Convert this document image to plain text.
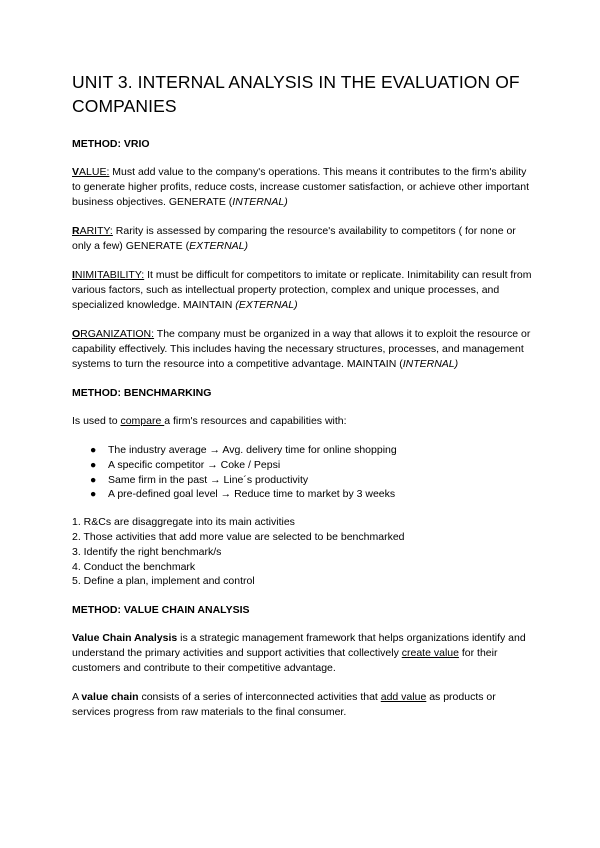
UNIT 3. INTERNAL ANALYSIS IN THE EVALUATION OF COMPANIES
METHOD: VRIO

VALUE: Must add value to the company's operations. This means it contributes to the firm's ability to generate higher profits, reduce costs, increase customer satisfaction, or achieve other important business objectives. GENERATE (INTERNAL)

RARITY: Rarity is assessed by comparing the resource's availability to competitors ( for none or only a few) GENERATE (EXTERNAL)

INIMITABILITY: It must be difficult for competitors to imitate or replicate. Inimitability can result from various factors, such as intellectual property protection, complex and unique processes, and specialized knowledge. MAINTAIN (EXTERNAL)

ORGANIZATION: The company must be organized in a way that allows it to exploit the resource or capability effectively. This includes having the necessary structures, processes, and management systems to turn the resource into a competitive advantage. MAINTAIN (INTERNAL)

METHOD: BENCHMARKING

Is used to compare a firm's resources and capabilities with:

● The industry average → Avg. delivery time for online shopping
● A specific competitor → Coke / Pepsi
● Same firm in the past → Line´s productivity
● A pre-defined goal level → Reduce time to market by 3 weeks
1. R&Cs are disaggregate into its main activities
2. Those activities that add more value are selected to be benchmarked
3. Identify the right benchmark/s
4. Conduct the benchmark
5. Define a plan, implement and control
METHOD: VALUE CHAIN ANALYSIS

Value Chain Analysis is a strategic management framework that helps organizations identify and understand the primary activities and support activities that collectively create value for their customers and contribute to their competitive advantage.

A value chain consists of a series of interconnected activities that add value as products or services progress from raw materials to the final consumer.
